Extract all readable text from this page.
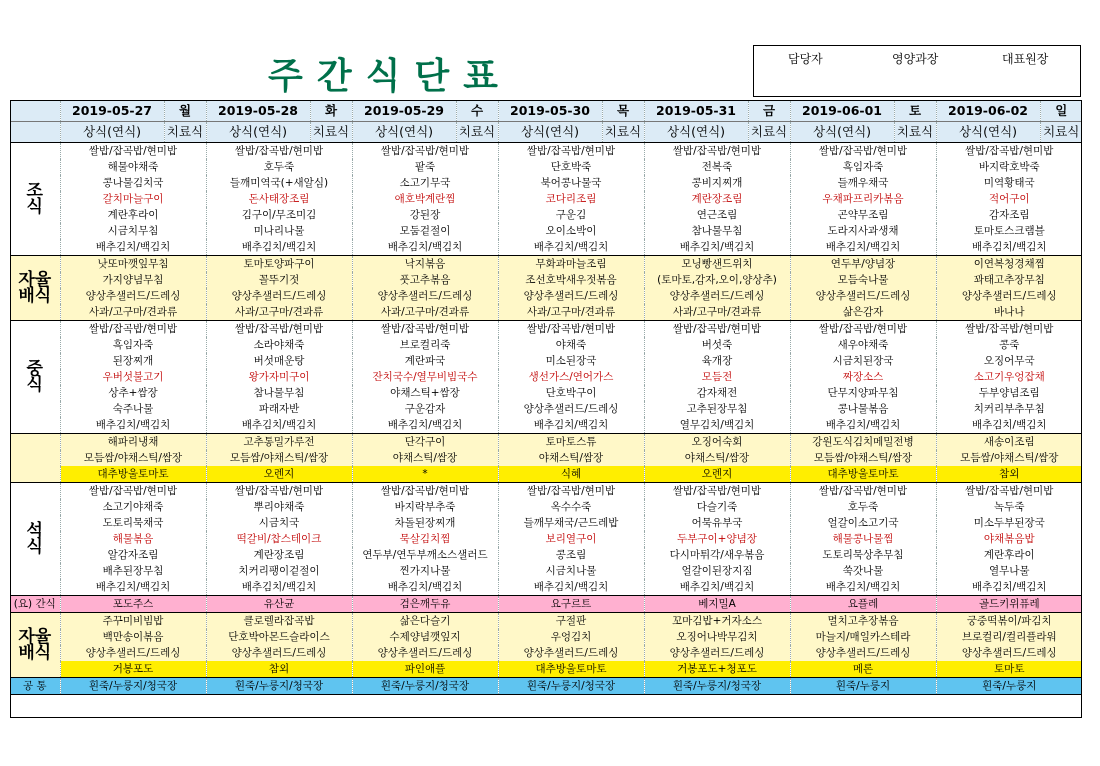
주간식단표	담당자	영양과장	대표원장
	2019-05-27	월	2019-05-28	화	2019-05-29	수	2019-05-30	목	2019-05-31	금	2019-06-01	토	2019-06-02	일
	상식(연식)	치료식	상식(연식)	치료식	상식(연식)	치료식	상식(연식)	치료식	상식(연식)	치료식	상식(연식)	치료식	상식(연식)	치료식
조
식	쌀밥/잡곡밥/현미밥		쌀밥/잡곡밥/현미밥		쌀밥/잡곡밥/현미밥		쌀밥/잡곡밥/현미밥		쌀밥/잡곡밥/현미밥		쌀밥/잡곡밥/현미밥		쌀밥/잡곡밥/현미밥	
	해물야채죽		호두죽		팥죽		단호박죽		전복죽		흑임자죽		바지락호박죽	
	콩나물김치국		들깨미역국(+새알심)		소고기무국		북어콩나물국		콩비지찌개		들깨우채국		미역황태국	
	갈치마늘구이		돈사태장조림		애호박계란찜		코다리조림		계란장조림		우채파프리카볶음		적어구이	
	계란후라이		김구이/무조미김		강된장		구운김		연근조림		곤약무조림		감자조림	
	시금치무침		미나리나물		모둠겉절이		오이소박이		참나물무침		도라지사과생채		토마토스크램블	
	배추김치/백김치		배추김치/백김치		배추김치/백김치		배추김치/백김치		배추김치/백김치		배추김치/백김치		배추김치/백김치	
자율
배식	낫또마깻잎무침		토마토양파구이		낙지볶음		무화과마늘조림		모닝빵샌드위치		연두부/양념장		이연복청경채찜	
	가지양념무침		꼴뚜기젓		풋고추볶음		조선호박새우젓볶음		(토마토,감자,오이,양상추)		모듬숙나물		꽈태고추장무침	
	양상추샐러드/드레싱		양상추샐러드/드레싱		양상추샐러드/드레싱		양상추샐러드/드레싱		양상추샐러드/드레싱		양상추샐러드/드레싱		양상추샐러드/드레싱	
	사과/고구마/견과류		사과/고구마/견과류		사과/고구마/견과류		사과/고구마/견과류		사과/고구마/견과류		삶은감자		바나나	
중
식	쌀밥/잡곡밥/현미밥		쌀밥/잡곡밥/현미밥		쌀밥/잡곡밥/현미밥		쌀밥/잡곡밥/현미밥		쌀밥/잡곡밥/현미밥		쌀밥/잡곡밥/현미밥		쌀밥/잡곡밥/현미밥	
	흑임자죽		소라야채죽		브로컬리죽		야채죽		버섯죽		새우야채죽		콩죽	
	된장찌개		버섯매운탕		계란파국		미소된장국		육개장		시금치된장국		오징어무국	
	우버섯불고기		왕가자미구이		잔치국수/열무비빔국수		생선가스/연어가스		모듬전		짜장소스		소고기우엉잡채	
	상추+쌈장		참나물무침		야채스틱+쌈장		단호박구이		감자채전		단무지양파무침		두부양념조림	
	숙주나물		파래자반		구운감자		양상추샐러드/드레싱		고추된장무침		콩나물볶음		치커리부추무침	
	배추김치/백김치		배추김치/백김치		배추김치/백김치		배추김치/백김치		열무김치/백김치		배추김치/백김치		배추김치/백김치	
	해파리냉채		고추통밀가루전		단각구이		토마토스튜		오징어숙회		강원도식김치메밀전병		새송이조림	
	모듬쌈/야채스틱/쌈장		모듬쌈/야채스틱/쌈장		야채스틱/쌈장		야채스틱/쌈장		야채스틱/쌈장		모듬쌈/야채스틱/쌈장		모듬쌈/야채스틱/쌈장	
	대추방울토마토		오렌지		*		식혜		오렌지		대추방울토마토		참외	
석
식	쌀밥/잡곡밥/현미밥		쌀밥/잡곡밥/현미밥		쌀밥/잡곡밥/현미밥		쌀밥/잡곡밥/현미밥		쌀밥/잡곡밥/현미밥		쌀밥/잡곡밥/현미밥		쌀밥/잡곡밥/현미밥	
	소고기야채죽		뿌리야채죽		바지락부추죽		옥수수죽		다슬기죽		호두죽		녹두죽	
	도토리묵채국		시금치국		차돌된장찌개		들깨무채국/근드레밥		어묵유부국		얼갈이소고기국		미소두부된장국	
	해물볶음		떡갈비/찹스테이크		묵살김치찜		보리열구이		두부구이+양념장		해물콩나물찜		야채볶음밥	
	알감자조림		계란장조림		연두부/연두부깨소스샐러드		콩조림		다시마튀각/새우볶음		도토리묵상추무침		계란후라이	
	배추된장무침		치커리팽이겉절이		찐가지나물		시금치나물		얼갈이된장지짐		쑥갓나물		열무나물	
	배추김치/백김치		배추김치/백김치		배추김치/백김치		배추김치/백김치		배추김치/백김치		배추김치/백김치		배추김치/백김치	
(요) 간식	포도주스		유산균		검은깨두유		요구르트		베지밀A		요플레		골드키위퓨레	
자율
배식	주꾸미비빔밥		클로렐라잡곡밥		삶은다슬기		구절판		꼬마김밥+거자소스		멸치고추장볶음		궁중떡볶이/파김치	
	백만송이볶음		단호박아몬드슬라이스		수제양념깻잎지		우엉김치		오징어나박무김치		마늘지/매일카스테라		브로컬리/컬리플라워	
	양상추샐러드/드레싱		양상추샐러드/드레싱		양상추샐러드/드레싱		양상추샐러드/드레싱		양상추샐러드/드레싱		양상추샐러드/드레싱		양상추샐러드/드레싱	
	거봉포도		참외		파인애플		대추방울토마토		거봉포도+청포도		메론		토마토	
공 통	흰죽/누룽지/청국장		흰죽/누룽지/청국장		흰죽/누룽지/청국장		흰죽/누룽지/청국장		흰죽/누룽지/청국장		흰죽/누룽지		흰죽/누룽지	
